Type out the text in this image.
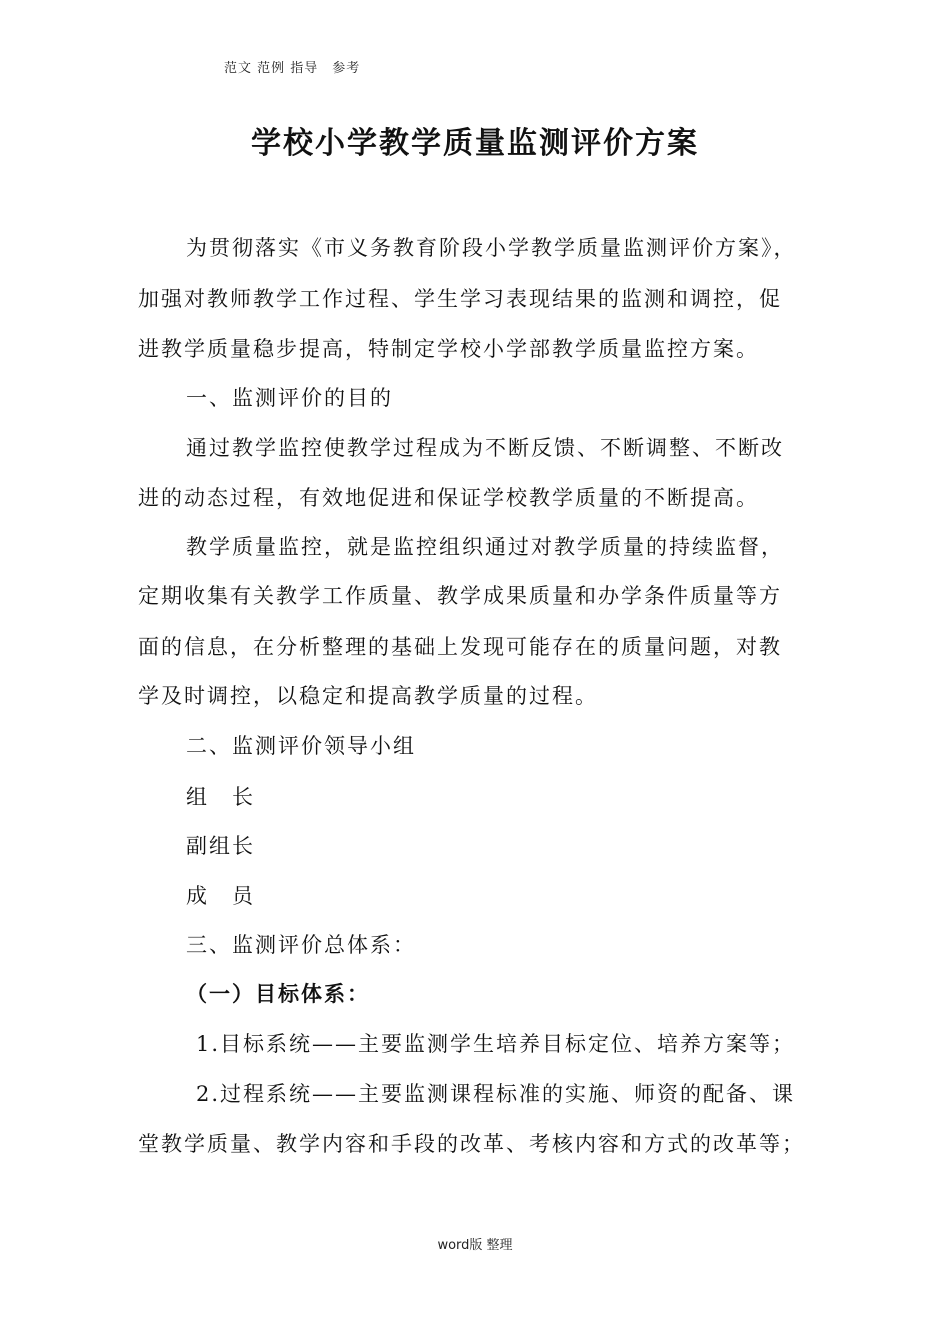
范文 范例 指导　参考
学校小学教学质量监测评价方案
为贯彻落实《市义务教育阶段小学教学质量监测评价方案》，
加强对教师教学工作过程、学生学习表现结果的监测和调控，促
进教学质量稳步提高，特制定学校小学部教学质量监控方案。
一、监测评价的目的
通过教学监控使教学过程成为不断反馈、不断调整、不断改
进的动态过程，有效地促进和保证学校教学质量的不断提高。
教学质量监控，就是监控组织通过对教学质量的持续监督，
定期收集有关教学工作质量、教学成果质量和办学条件质量等方
面的信息，在分析整理的基础上发现可能存在的质量问题，对教
学及时调控，以稳定和提高教学质量的过程。
二、监测评价领导小组
组　长
副组长
成　员
三、监测评价总体系：
（一）目标体系：
1.目标系统——主要监测学生培养目标定位、培养方案等；
2.过程系统——主要监测课程标准的实施、师资的配备、课
堂教学质量、教学内容和手段的改革、考核内容和方式的改革等；
word版 整理
